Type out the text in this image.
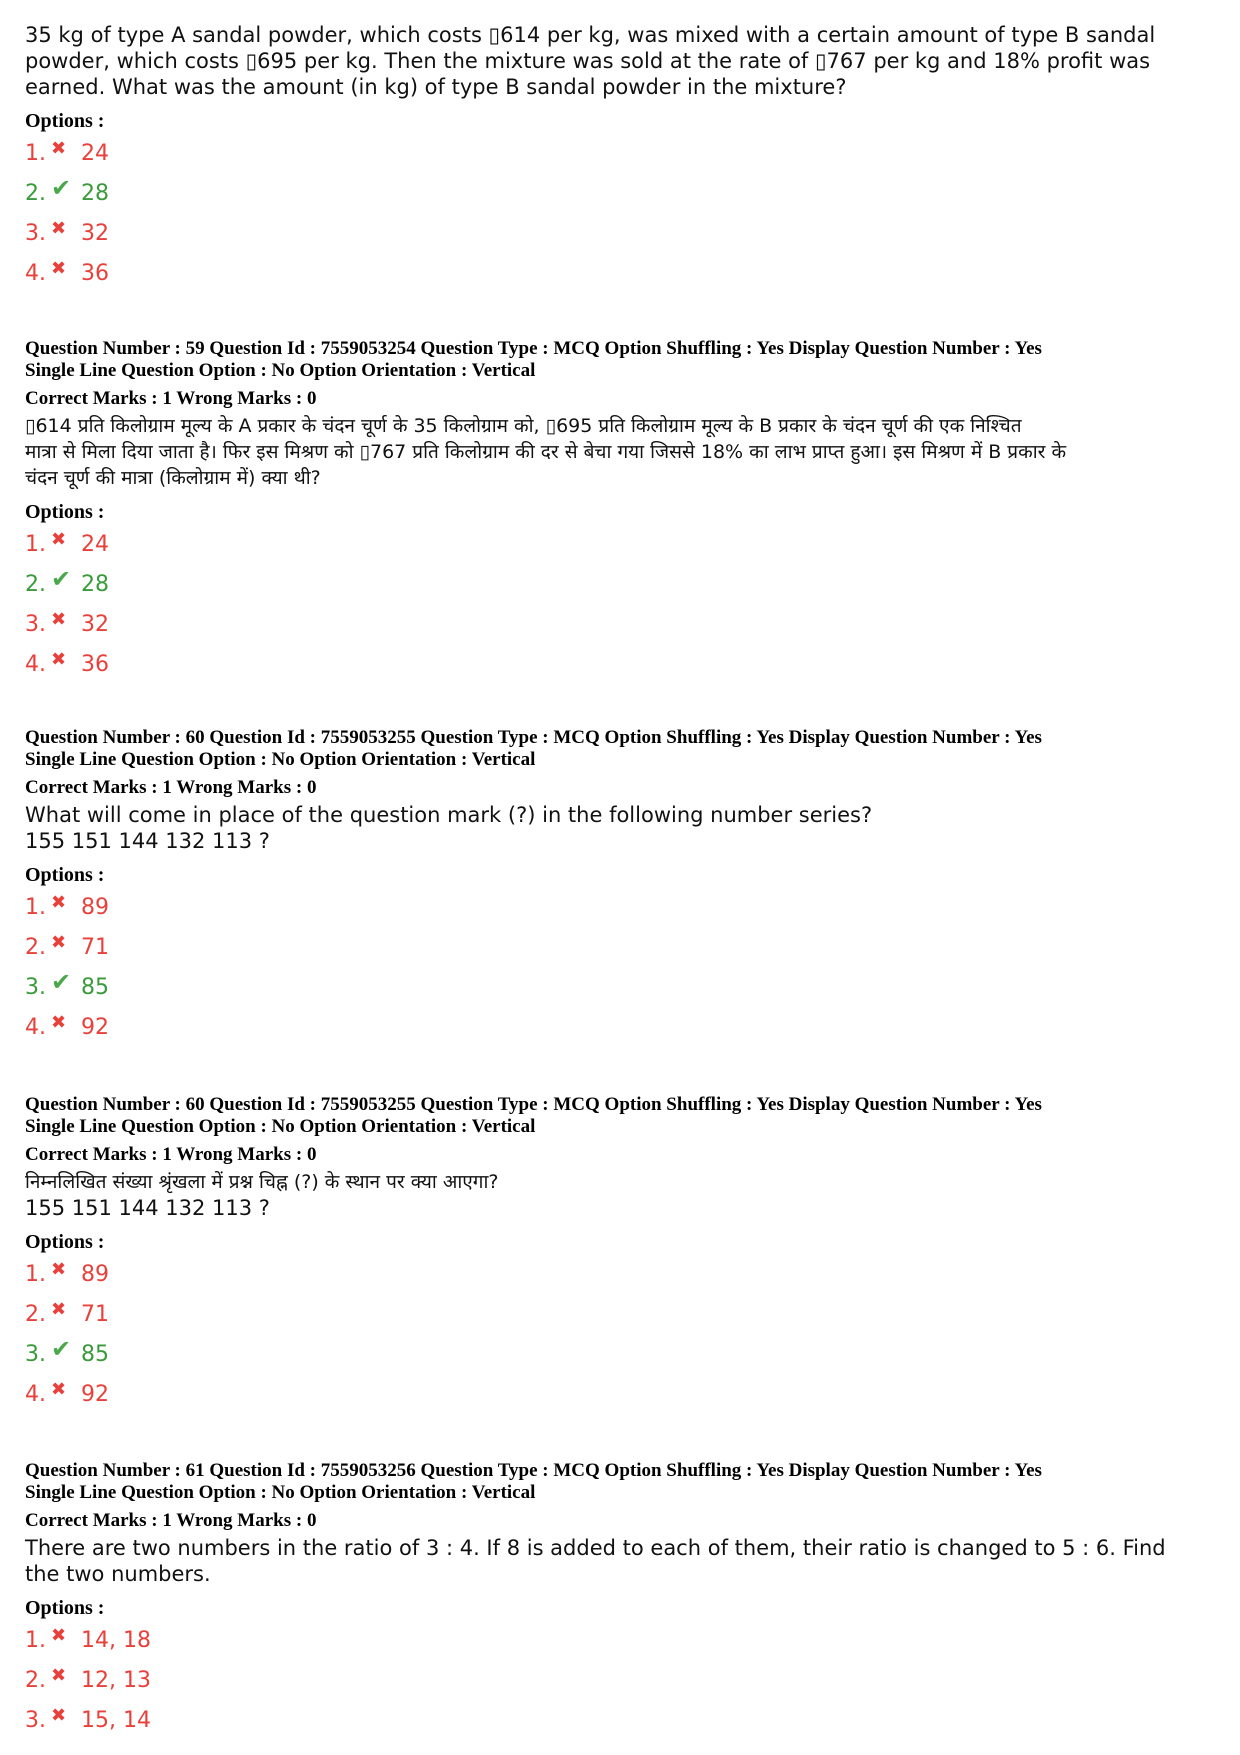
35 kg of type A sandal powder, which costs ▯614 per kg, was mixed with a certain amount of type B sandal
powder, which costs ▯695 per kg. Then the mixture was sold at the rate of ▯767 per kg and 18% profit was
earned. What was the amount (in kg) of type B sandal powder in the mixture?
Options :
1. ✖ 24
2. ✔ 28
3. ✖ 32
4. ✖ 36
Question Number : 59 Question Id : 7559053254 Question Type : MCQ Option Shuffling : Yes Display Question Number : Yes
Single Line Question Option : No Option Orientation : Vertical
Correct Marks : 1 Wrong Marks : 0
▯614 प्रति किलोग्राम मूल्य के A प्रकार के चंदन चूर्ण के 35 किलोग्राम को, ▯695 प्रति किलोग्राम मूल्य के B प्रकार के चंदन चूर्ण की एक निश्चित
मात्रा से मिला दिया जाता है। फिर इस मिश्रण को ▯767 प्रति किलोग्राम की दर से बेचा गया जिससे 18% का लाभ प्राप्त हुआ। इस मिश्रण में B प्रकार के
चंदन चूर्ण की मात्रा (किलोग्राम में) क्या थी?
Options :
1. ✖ 24
2. ✔ 28
3. ✖ 32
4. ✖ 36
Question Number : 60 Question Id : 7559053255 Question Type : MCQ Option Shuffling : Yes Display Question Number : Yes
Single Line Question Option : No Option Orientation : Vertical
Correct Marks : 1 Wrong Marks : 0
What will come in place of the question mark (?) in the following number series?
155 151 144 132 113 ?
Options :
1. ✖ 89
2. ✖ 71
3. ✔ 85
4. ✖ 92
Question Number : 60 Question Id : 7559053255 Question Type : MCQ Option Shuffling : Yes Display Question Number : Yes
Single Line Question Option : No Option Orientation : Vertical
Correct Marks : 1 Wrong Marks : 0
निम्नलिखित संख्या श्रृंखला में प्रश्न चिह्न (?) के स्थान पर क्या आएगा?
155 151 144 132 113 ?
Options :
1. ✖ 89
2. ✖ 71
3. ✔ 85
4. ✖ 92
Question Number : 61 Question Id : 7559053256 Question Type : MCQ Option Shuffling : Yes Display Question Number : Yes
Single Line Question Option : No Option Orientation : Vertical
Correct Marks : 1 Wrong Marks : 0
There are two numbers in the ratio of 3 : 4. If 8 is added to each of them, their ratio is changed to 5 : 6. Find
the two numbers.
Options :
1. ✖ 14, 18
2. ✖ 12, 13
3. ✖ 15, 14
